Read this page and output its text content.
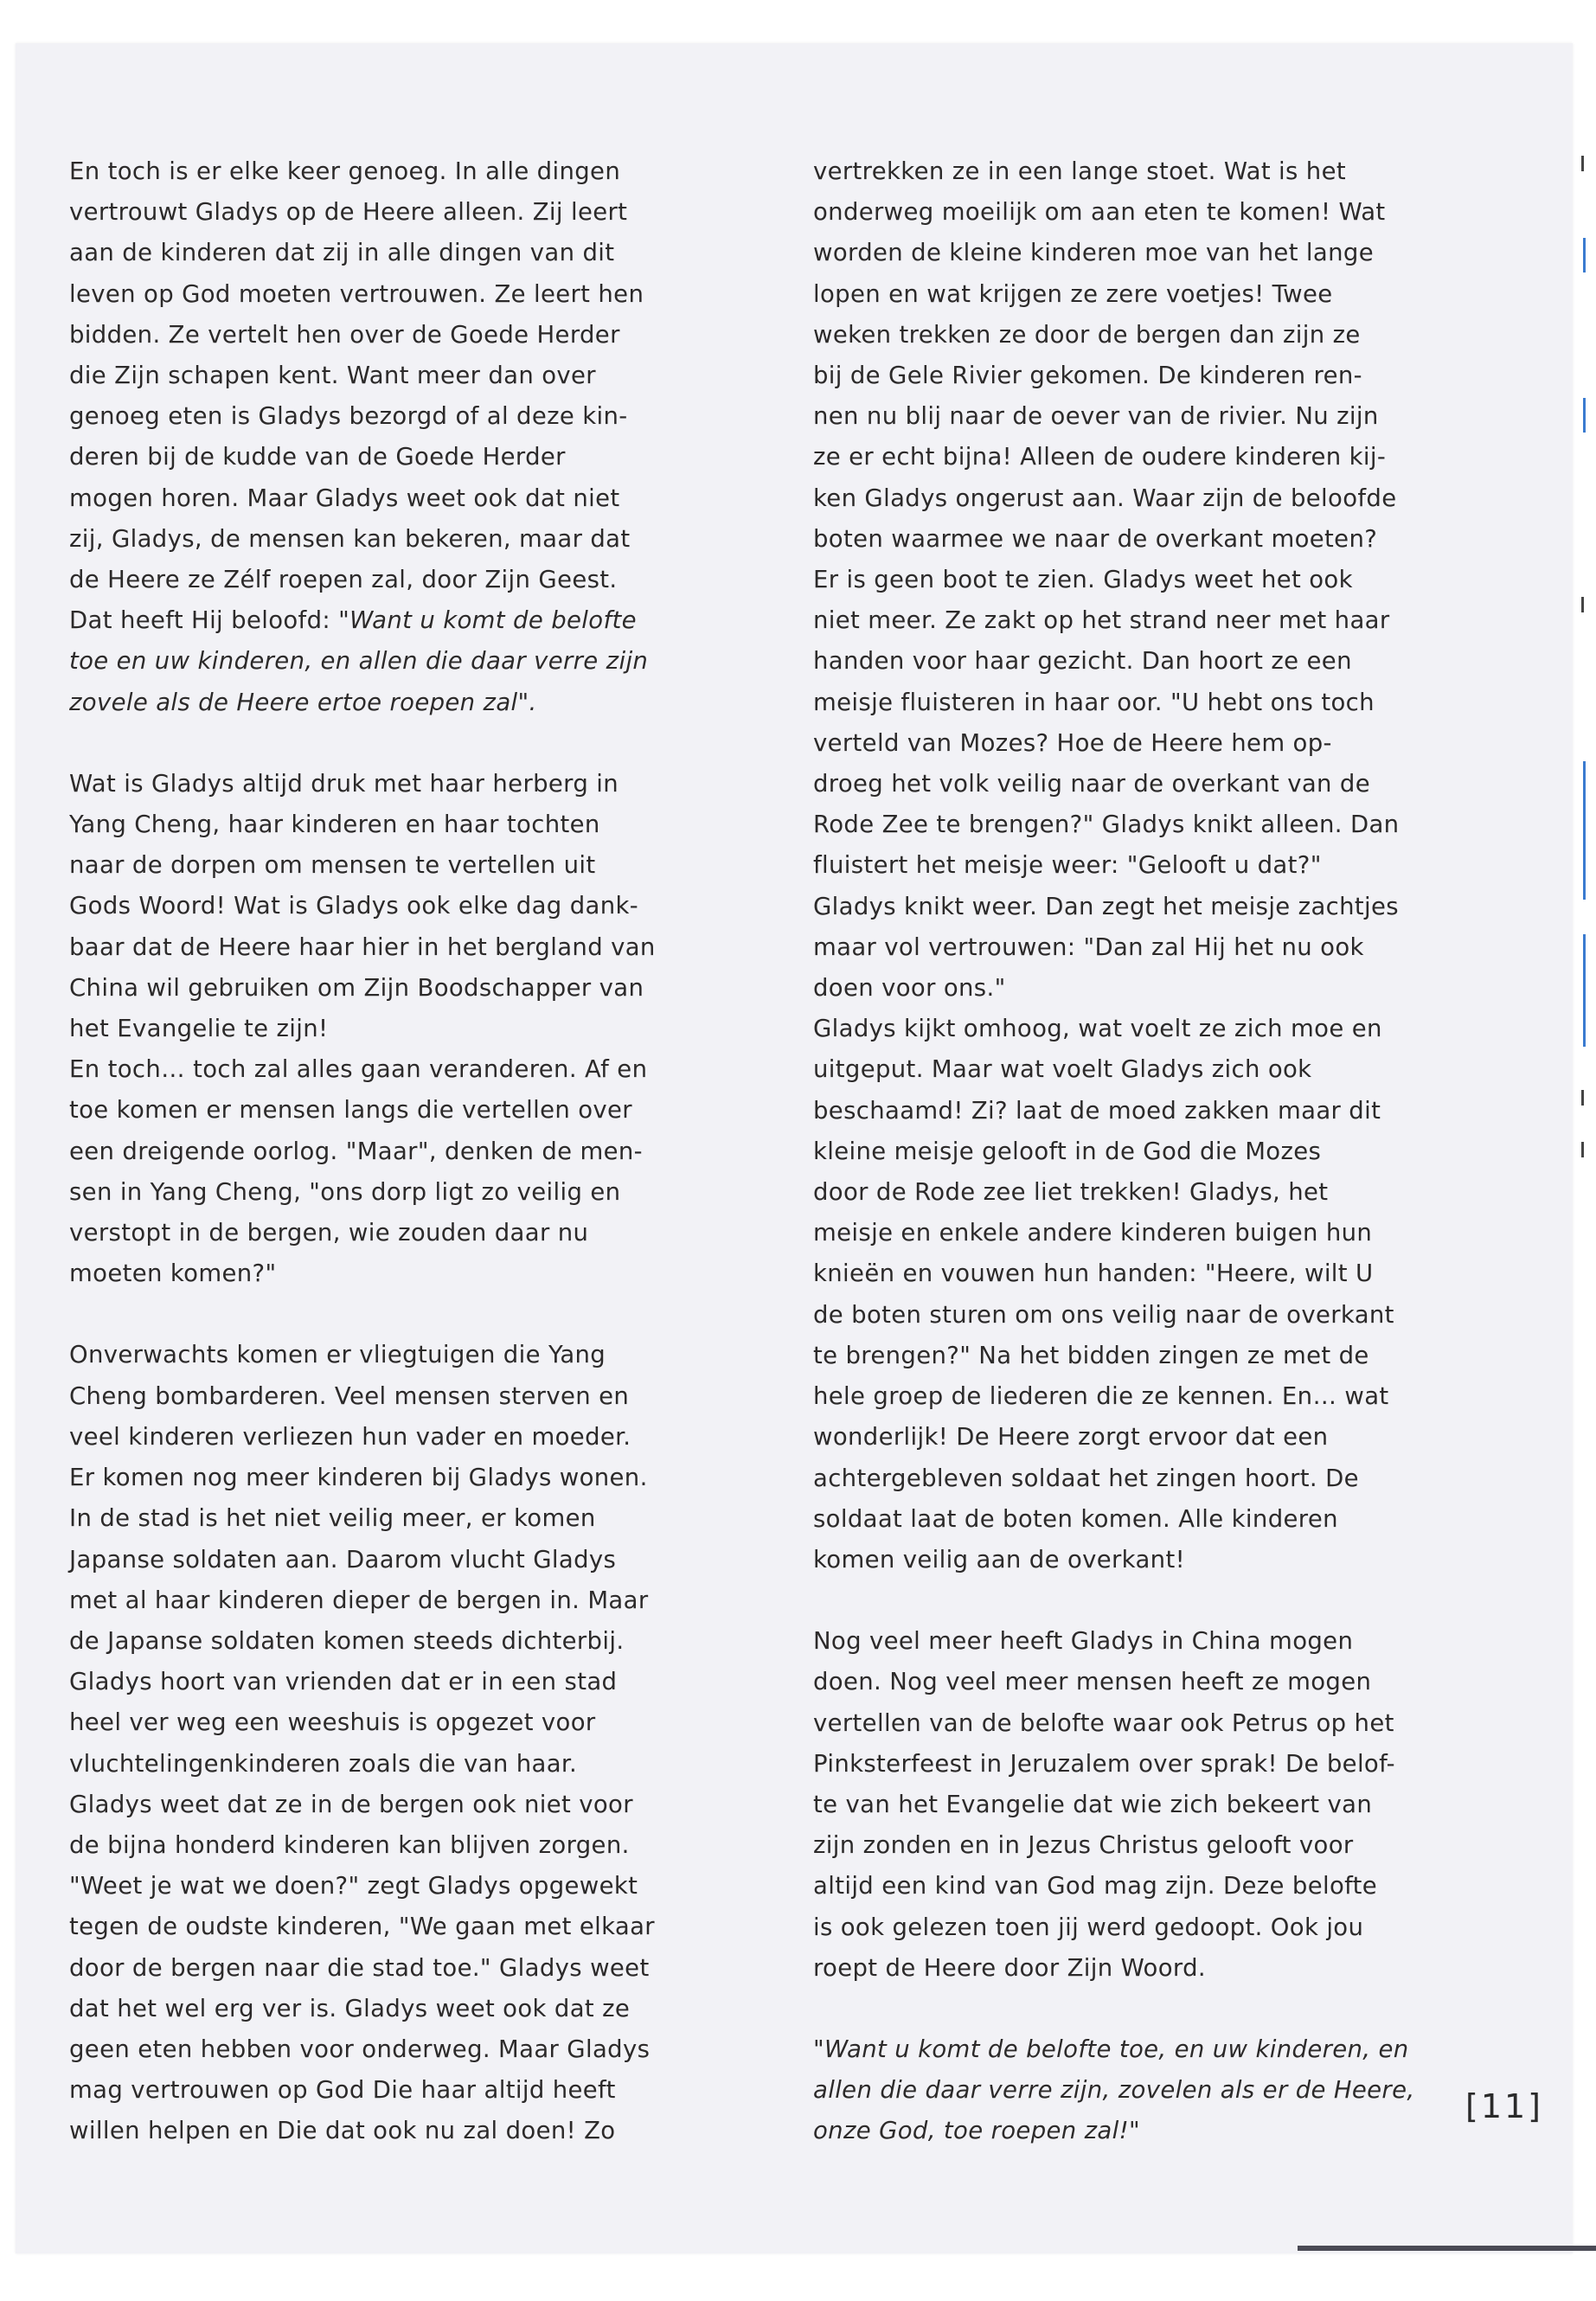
En toch is er elke keer genoeg. In alle dingen
vertrouwt Gladys op de Heere alleen. Zij leert
aan de kinderen dat zij in alle dingen van dit
leven op God moeten vertrouwen. Ze leert hen
bidden. Ze vertelt hen over de Goede Herder
die Zijn schapen kent. Want meer dan over
genoeg eten is Gladys bezorgd of al deze kin-
deren bij de kudde van de Goede Herder
mogen horen. Maar Gladys weet ook dat niet
zij, Gladys, de mensen kan bekeren, maar dat
de Heere ze Zélf roepen zal, door Zijn Geest.
Dat heeft Hij beloofd: "Want u komt de belofte
toe en uw kinderen, en allen die daar verre zijn
zovele als de Heere ertoe roepen zal".
Wat is Gladys altijd druk met haar herberg in
Yang Cheng, haar kinderen en haar tochten
naar de dorpen om mensen te vertellen uit
Gods Woord! Wat is Gladys ook elke dag dank-
baar dat de Heere haar hier in het bergland van
China wil gebruiken om Zijn Boodschapper van
het Evangelie te zijn!
En toch… toch zal alles gaan veranderen. Af en
toe komen er mensen langs die vertellen over
een dreigende oorlog. "Maar", denken de men-
sen in Yang Cheng, "ons dorp ligt zo veilig en
verstopt in de bergen, wie zouden daar nu
moeten komen?"
Onverwachts komen er vliegtuigen die Yang
Cheng bombarderen. Veel mensen sterven en
veel kinderen verliezen hun vader en moeder.
Er komen nog meer kinderen bij Gladys wonen.
In de stad is het niet veilig meer, er komen
Japanse soldaten aan. Daarom vlucht Gladys
met al haar kinderen dieper de bergen in. Maar
de Japanse soldaten komen steeds dichterbij.
Gladys hoort van vrienden dat er in een stad
heel ver weg een weeshuis is opgezet voor
vluchtelingenkinderen zoals die van haar.
Gladys weet dat ze in de bergen ook niet voor
de bijna honderd kinderen kan blijven zorgen.
"Weet je wat we doen?" zegt Gladys opgewekt
tegen de oudste kinderen, "We gaan met elkaar
door de bergen naar die stad toe." Gladys weet
dat het wel erg ver is. Gladys weet ook dat ze
geen eten hebben voor onderweg. Maar Gladys
mag vertrouwen op God Die haar altijd heeft
willen helpen en Die dat ook nu zal doen! Zo
vertrekken ze in een lange stoet. Wat is het
onderweg moeilijk om aan eten te komen! Wat
worden de kleine kinderen moe van het lange
lopen en wat krijgen ze zere voetjes! Twee
weken trekken ze door de bergen dan zijn ze
bij de Gele Rivier gekomen. De kinderen ren-
nen nu blij naar de oever van de rivier. Nu zijn
ze er echt bijna! Alleen de oudere kinderen kij-
ken Gladys ongerust aan. Waar zijn de beloofde
boten waarmee we naar de overkant moeten?
Er is geen boot te zien. Gladys weet het ook
niet meer. Ze zakt op het strand neer met haar
handen voor haar gezicht. Dan hoort ze een
meisje fluisteren in haar oor. "U hebt ons toch
verteld van Mozes? Hoe de Heere hem op-
droeg het volk veilig naar de overkant van de
Rode Zee te brengen?" Gladys knikt alleen. Dan
fluistert het meisje weer: "Gelooft u dat?"
Gladys knikt weer. Dan zegt het meisje zachtjes
maar vol vertrouwen: "Dan zal Hij het nu ook
doen voor ons."
Gladys kijkt omhoog, wat voelt ze zich moe en
uitgeput. Maar wat voelt Gladys zich ook
beschaamd! Zi? laat de moed zakken maar dit
kleine meisje gelooft in de God die Mozes
door de Rode zee liet trekken! Gladys, het
meisje en enkele andere kinderen buigen hun
knieën en vouwen hun handen: "Heere, wilt U
de boten sturen om ons veilig naar de overkant
te brengen?" Na het bidden zingen ze met de
hele groep de liederen die ze kennen. En… wat
wonderlijk! De Heere zorgt ervoor dat een
achtergebleven soldaat het zingen hoort. De
soldaat laat de boten komen. Alle kinderen
komen veilig aan de overkant!
Nog veel meer heeft Gladys in China mogen
doen. Nog veel meer mensen heeft ze mogen
vertellen van de belofte waar ook Petrus op het
Pinksterfeest in Jeruzalem over sprak! De belof-
te van het Evangelie dat wie zich bekeert van
zijn zonden en in Jezus Christus gelooft voor
altijd een kind van God mag zijn. Deze belofte
is ook gelezen toen jij werd gedoopt. Ook jou
roept de Heere door Zijn Woord.
"Want u komt de belofte toe, en uw kinderen, en
allen die daar verre zijn, zovelen als er de Heere,
onze God, toe roepen zal!"
[11]
